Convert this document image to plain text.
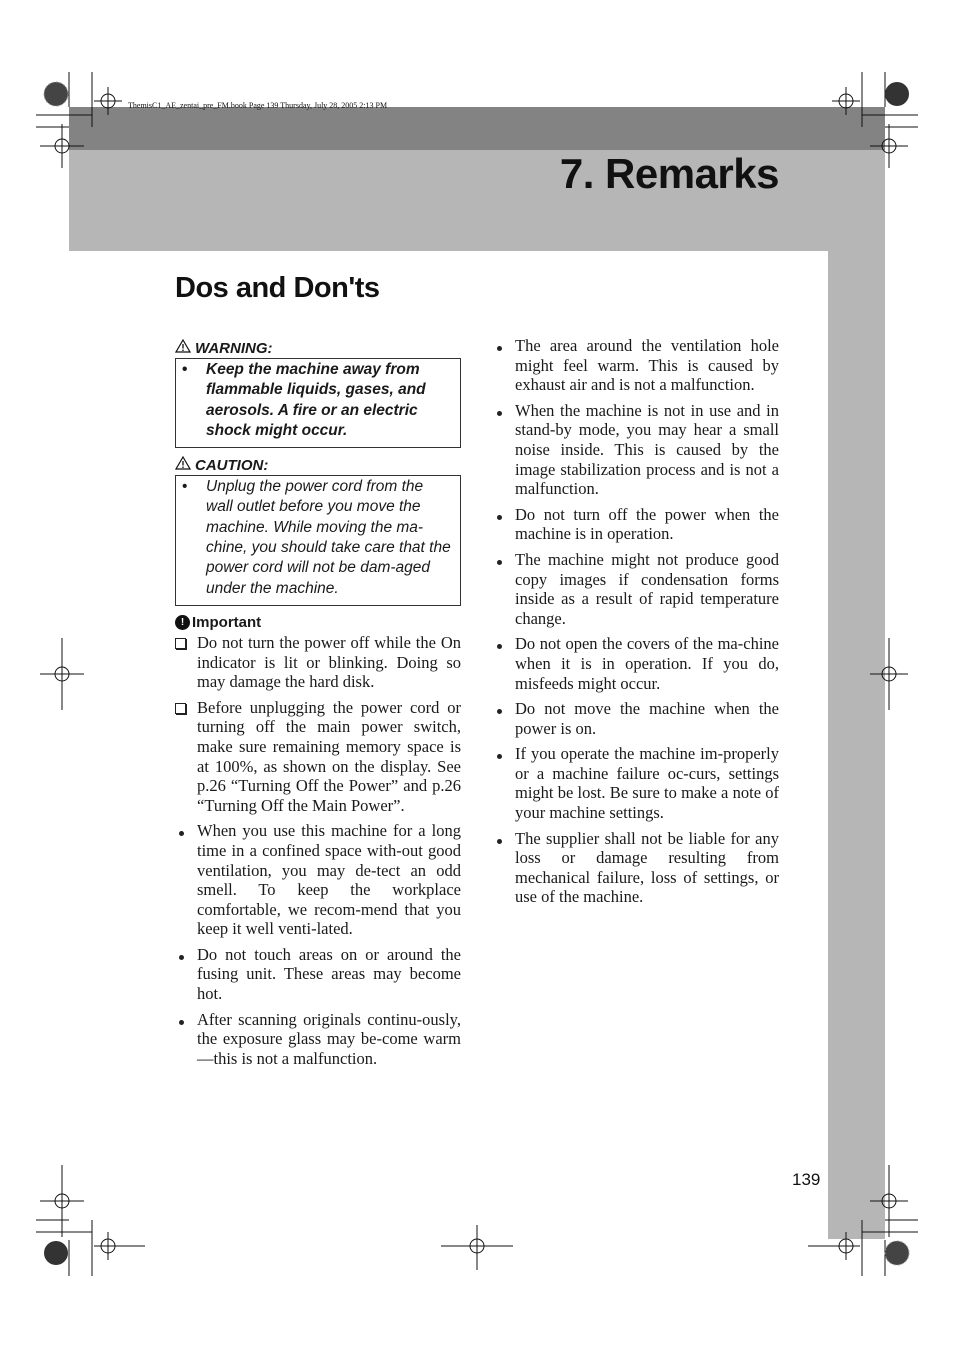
ThemisC1_AE_zentai_pre_FM.book Page 139 Thursday, July 28, 2005 2:13 PM
7. Remarks
Dos and Don'ts
WARNING:
•	Keep the machine away from flammable liquids, gases, and aerosols. A fire or an electric shock might occur.
CAUTION:
•	Unplug the power cord from the wall outlet before you move the machine. While moving the ma-chine, you should take care that the power cord will not be dam-aged under the machine.
! Important
Do not turn the power off while the On indicator is lit or blinking. Doing so may damage the hard disk.
Before unplugging the power cord or turning off the main power switch, make sure remaining memory space is at 100%, as shown on the display. See p.26 “Turning Off the Power” and p.26 “Turning Off the Main Power”.
When you use this machine for a long time in a confined space with-out good ventilation, you may de-tect an odd smell. To keep the workplace comfortable, we recom-mend that you keep it well venti-lated.
Do not touch areas on or around the fusing unit. These areas may become hot.
After scanning originals continu-ously, the exposure glass may be-come warm—this is not a malfunction.
The area around the ventilation hole might feel warm. This is caused by exhaust air and is not a malfunction.
When the machine is not in use and in stand-by mode, you may hear a small noise inside. This is caused by the image stabilization process and is not a malfunction.
Do not turn off the power when the machine is in operation.
The machine might not produce good copy images if condensation forms inside as a result of rapid temperature change.
Do not open the covers of the ma-chine when it is in operation. If you do, misfeeds might occur.
Do not move the machine when the power is on.
If you operate the machine im-properly or a machine failure oc-curs, settings might be lost. Be sure to make a note of your machine settings.
The supplier shall not be liable for any loss or damage resulting from mechanical failure, loss of settings, or use of the machine.
139
